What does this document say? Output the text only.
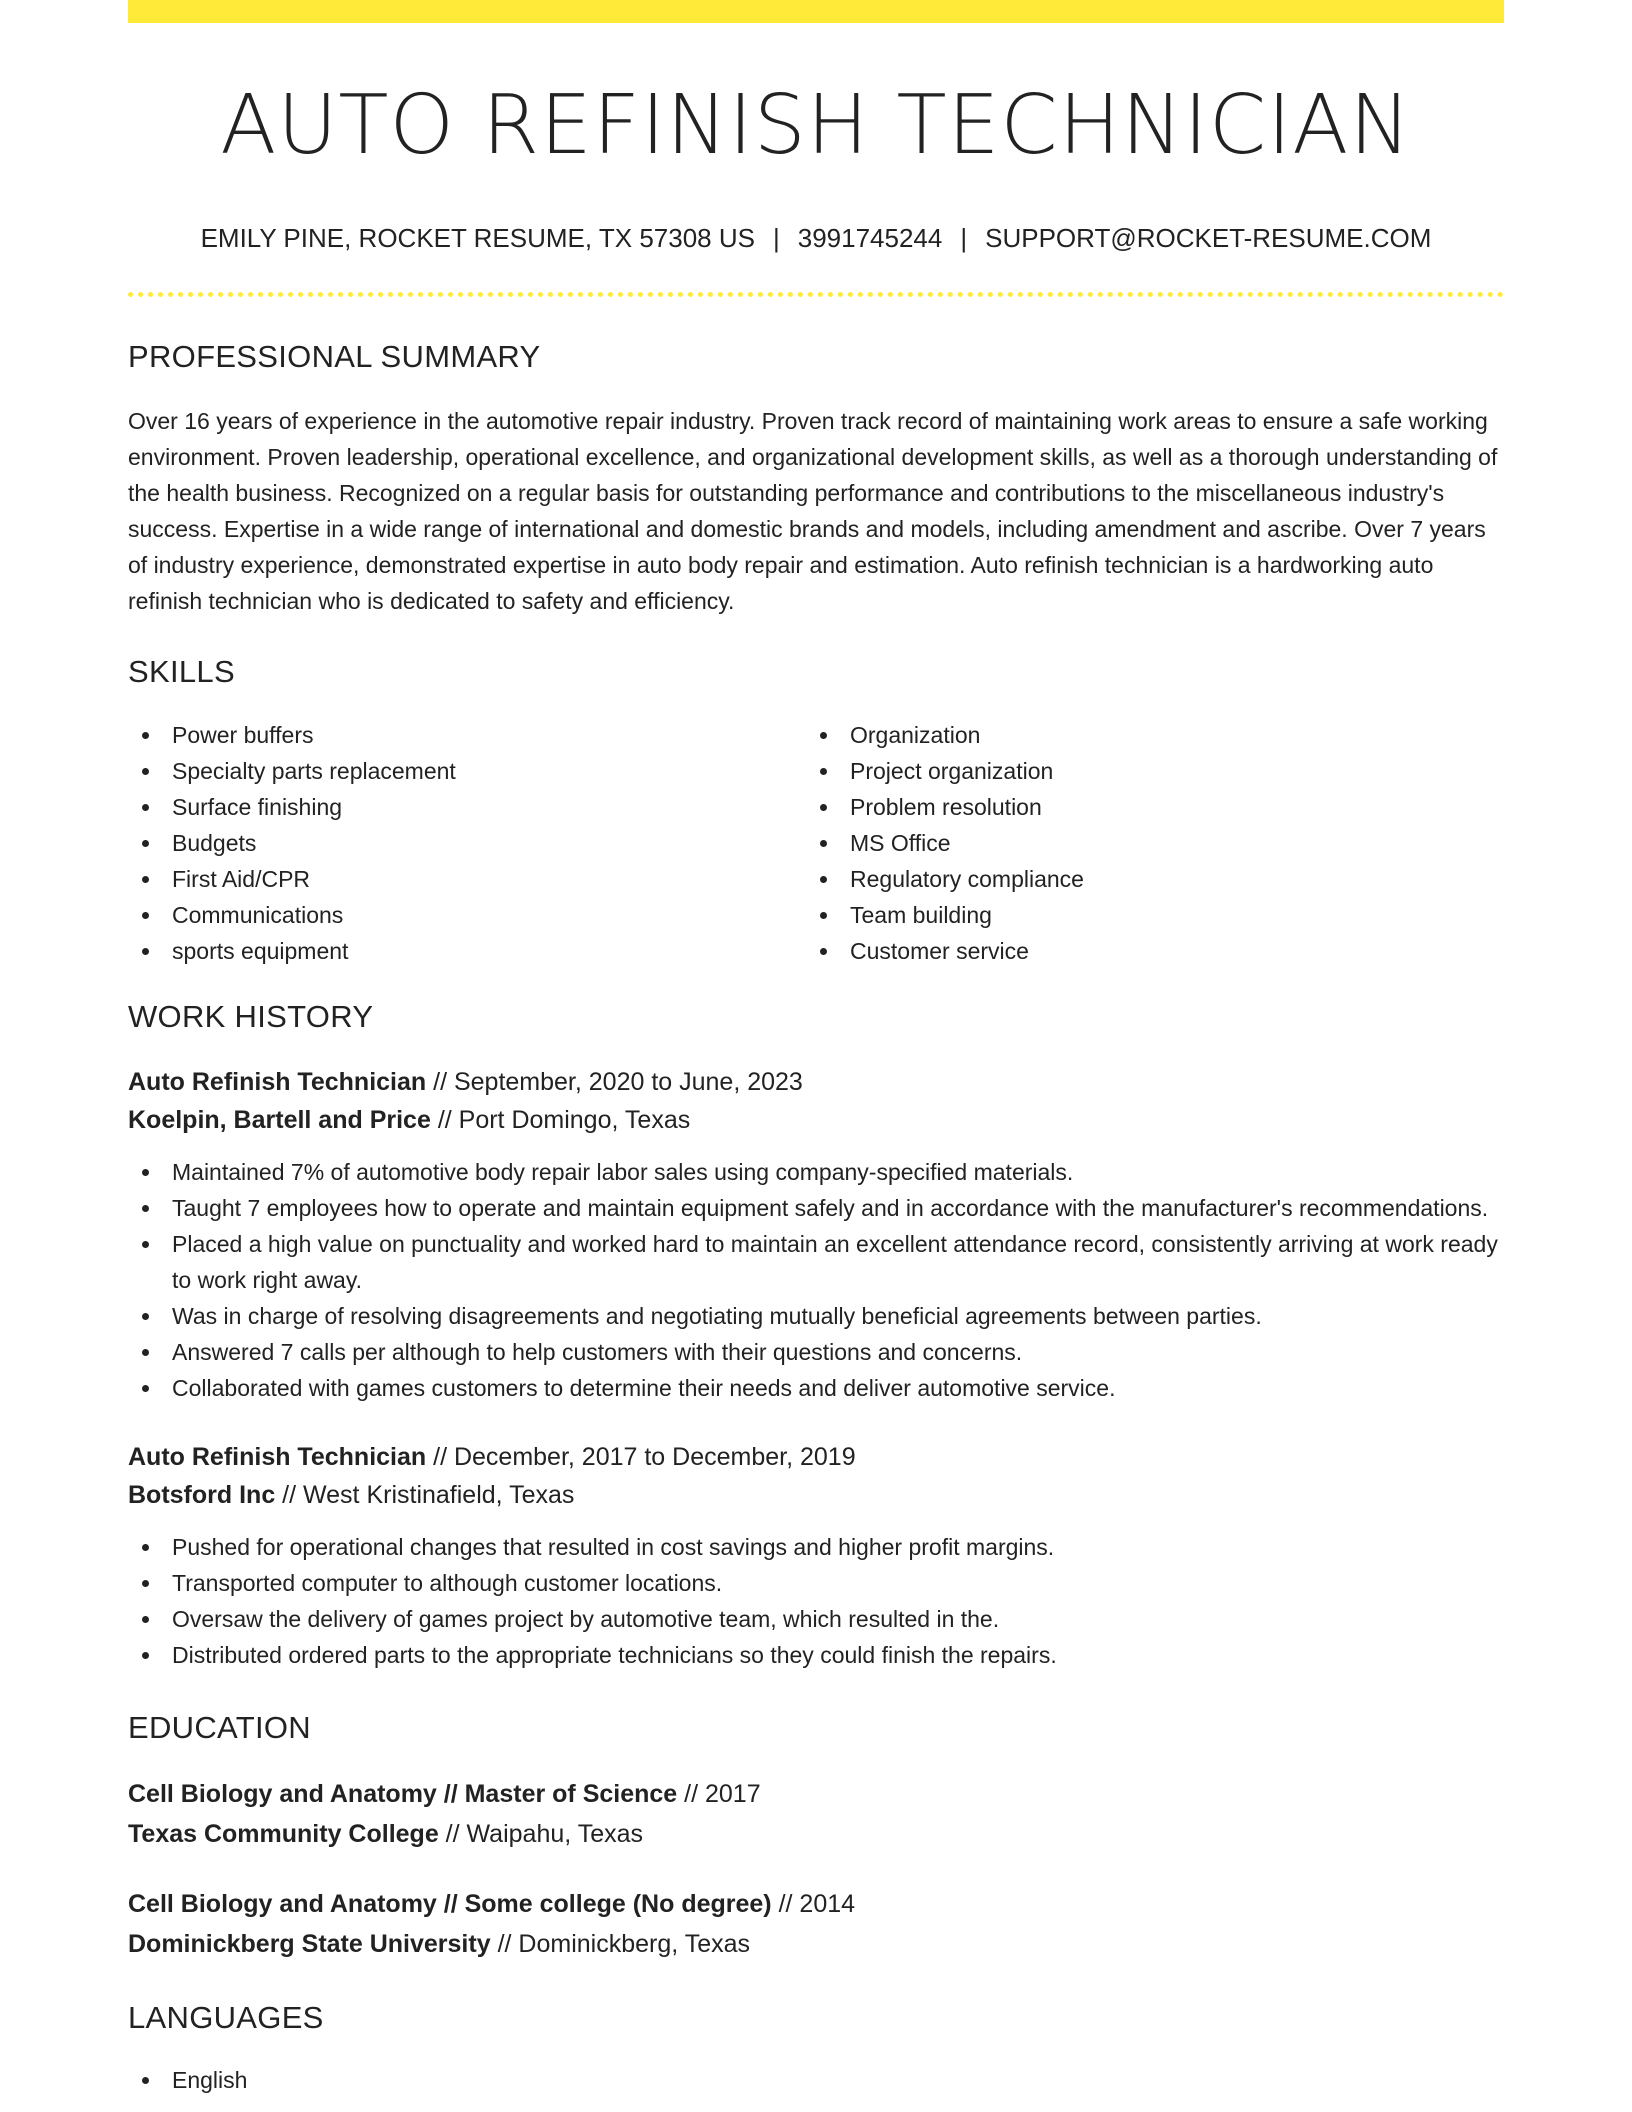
AUTO REFINISH TECHNICIAN
EMILY PINE, ROCKET RESUME, TX 57308 US | 3991745244 | SUPPORT@ROCKET-RESUME.COM
PROFESSIONAL SUMMARY

Over 16 years of experience in the automotive repair industry. Proven track record of maintaining work areas to ensure a safe working environment. Proven leadership, operational excellence, and organizational development skills, as well as a thorough understanding of the health business. Recognized on a regular basis for outstanding performance and contributions to the miscellaneous industry's success. Expertise in a wide range of international and domestic brands and models, including amendment and ascribe. Over 7 years of industry experience, demonstrated expertise in auto body repair and estimation. Auto refinish technician is a hardworking auto refinish technician who is dedicated to safety and efficiency.

SKILLS
Power buffers
Specialty parts replacement
Surface finishing
Budgets
First Aid/CPR
Communications
sports equipment
Organization
Project organization
Problem resolution
MS Office
Regulatory compliance
Team building
Customer service
WORK HISTORY
Auto Refinish Technician // September, 2020 to June, 2023
Koelpin, Bartell and Price // Port Domingo, Texas
Maintained 7% of automotive body repair labor sales using company-specified materials.
Taught 7 employees how to operate and maintain equipment safely and in accordance with the manufacturer's recommendations.
Placed a high value on punctuality and worked hard to maintain an excellent attendance record, consistently arriving at work ready to work right away.
Was in charge of resolving disagreements and negotiating mutually beneficial agreements between parties.
Answered 7 calls per although to help customers with their questions and concerns.
Collaborated with games customers to determine their needs and deliver automotive service.
Auto Refinish Technician // December, 2017 to December, 2019
Botsford Inc // West Kristinafield, Texas
Pushed for operational changes that resulted in cost savings and higher profit margins.
Transported computer to although customer locations.
Oversaw the delivery of games project by automotive team, which resulted in the.
Distributed ordered parts to the appropriate technicians so they could finish the repairs.
EDUCATION
Cell Biology and Anatomy // Master of Science // 2017
Texas Community College // Waipahu, Texas
Cell Biology and Anatomy // Some college (No degree) // 2014
Dominickberg State University // Dominickberg, Texas
LANGUAGES
English
